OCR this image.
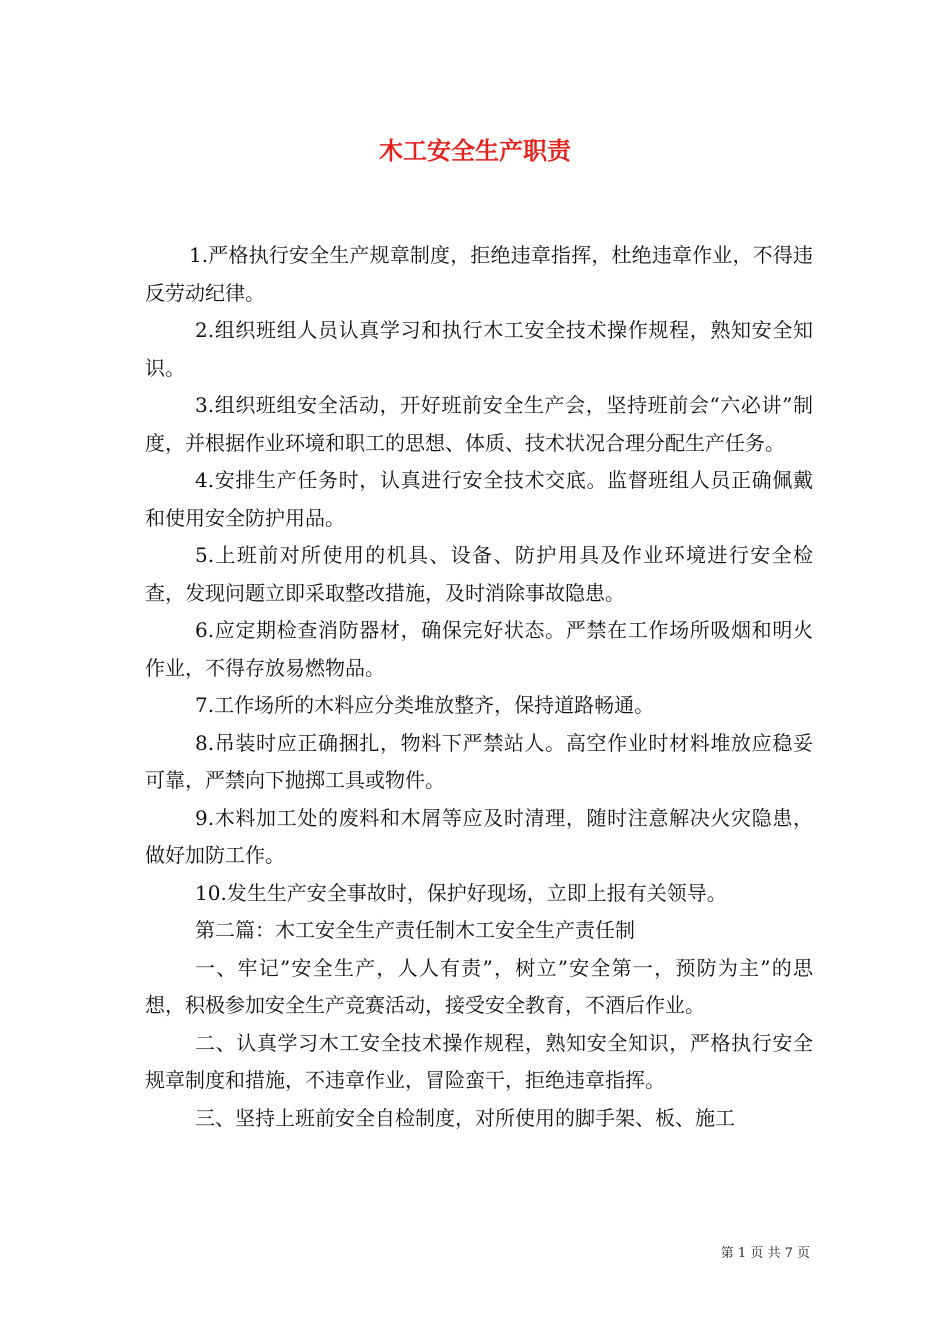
木工安全生产职责

1.严格执行安全生产规章制度，拒绝违章指挥，杜绝违章作业，不得违反劳动纪律。

2.组织班组人员认真学习和执行木工安全技术操作规程，熟知安全知识。

3.组织班组安全活动，开好班前安全生产会，坚持班前会“六必讲”制度，并根据作业环境和职工的思想、体质、技术状况合理分配生产任务。

4.安排生产任务时，认真进行安全技术交底。监督班组人员正确佩戴和使用安全防护用品。

5.上班前对所使用的机具、设备、防护用具及作业环境进行安全检查，发现问题立即采取整改措施，及时消除事故隐患。

6.应定期检查消防器材，确保完好状态。严禁在工作场所吸烟和明火作业，不得存放易燃物品。

7.工作场所的木料应分类堆放整齐，保持道路畅通。

8.吊装时应正确捆扎，物料下严禁站人。高空作业时材料堆放应稳妥可靠，严禁向下抛掷工具或物件。

9.木料加工处的废料和木屑等应及时清理，随时注意解决火灾隐患，做好加防工作。

10.发生生产安全事故时，保护好现场，立即上报有关领导。

第二篇：木工安全生产责任制木工安全生产责任制

一、牢记”安全生产，人人有责”，树立”安全第一，预防为主”的思想，积极参加安全生产竞赛活动，接受安全教育，不酒后作业。

二、认真学习木工安全技术操作规程，熟知安全知识，严格执行安全规章制度和措施，不违章作业，冒险蛮干，拒绝违章指挥。

三、坚持上班前安全自检制度，对所使用的脚手架、板、施工

第 1 页 共 7 页
